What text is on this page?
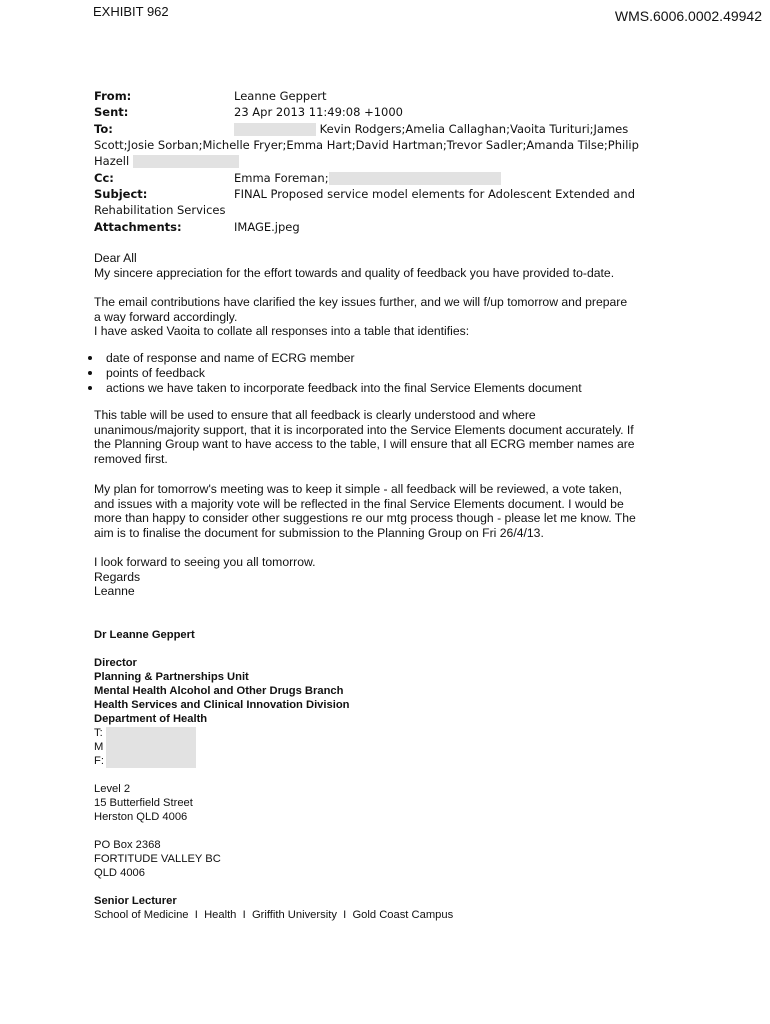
EXHIBIT 962	WMS.6006.0002.49942
From:	Leanne Geppert
Sent:	23 Apr 2013 11:49:08 +1000
To:	Kevin Rodgers;Amelia Callaghan;Vaoita Turituri;James
Scott;Josie Sorban;Michelle Fryer;Emma Hart;David Hartman;Trevor Sadler;Amanda Tilse;Philip
Hazell
Cc:	Emma Foreman;
Subject:	FINAL Proposed service model elements for Adolescent Extended and
Rehabilitation Services
Attachments:	IMAGE.jpeg
Dear All
My sincere appreciation for the effort towards and quality of feedback you have provided to-date.

The email contributions have clarified the key issues further, and we will f/up tomorrow and prepare

a way forward accordingly.

I have asked Vaoita to collate all responses into a table that identifies:

date of response and name of ECRG member
points of feedback
actions we have taken to incorporate feedback into the final Service Elements document

This table will be used to ensure that all feedback is clearly understood and where

unanimous/majority support, that it is incorporated into the Service Elements document accurately. If

the Planning Group want to have access to the table, I will ensure that all ECRG member names are

removed first.

My plan for tomorrow's meeting was to keep it simple - all feedback will be reviewed, a vote taken,

and issues with a majority vote will be reflected in the final Service Elements document. I would be

more than happy to consider other suggestions re our mtg process though - please let me know. The

aim is to finalise the document for submission to the Planning Group on Fri 26/4/13.

I look forward to seeing you all tomorrow.

Regards

Leanne

Dr Leanne Geppert
Director
Planning & Partnerships Unit
Mental Health Alcohol and Other Drugs Branch
Health Services and Clinical Innovation Division
Department of Health
T:
M
F:
Level 2
15 Butterfield Street
Herston QLD 4006
PO Box 2368
FORTITUDE VALLEY BC
QLD 4006
Senior Lecturer
School of Medicine  I  Health  I  Griffith University  I  Gold Coast Campus
